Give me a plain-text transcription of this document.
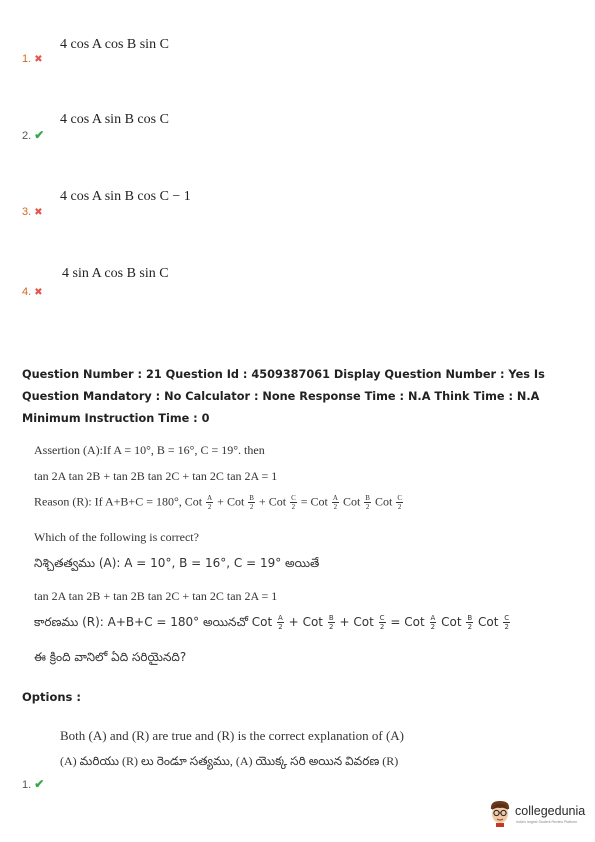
4 cos A cos B sin C
1. ✖
4 cos A sin B cos C
2. ✔
4 cos A sin B cos C − 1
3. ✖
4 sin A cos B sin C
4. ✖
Question Number : 21 Question Id : 4509387061 Display Question Number : Yes Is Question Mandatory : No Calculator : None Response Time : N.A Think Time : N.A Minimum Instruction Time : 0
Assertion (A):If A = 10°, B = 16°, C = 19°. then
tan 2A tan 2B + tan 2B tan 2C + tan 2C tan 2A = 1
Reason (R): If A+B+C = 180°, Cot $\frac{A}{2}$ + Cot $\frac{B}{2}$ + Cot $\frac{C}{2}$ = Cot $\frac{A}{2}$ Cot $\frac{B}{2}$ Cot $\frac{C}{2}$
Which of the following is correct?
నిశ్చితత్వము (A): A = 10°, B = 16°, C = 19° అయితే
tan 2A tan 2B + tan 2B tan 2C + tan 2C tan 2A = 1
కారణము (R): A+B+C = 180° అయినచో Cot $\frac{A}{2}$ + Cot $\frac{B}{2}$ + Cot $\frac{C}{2}$ = Cot $\frac{A}{2}$ Cot $\frac{B}{2}$ Cot $\frac{C}{2}$
ఈ క్రింది వానిలో ఏది సరియైనది?
Options :
Both (A) and (R) are true and (R) is the correct explanation of (A)
(A) మరియు (R) లు రెండూ సత్యము, (A) యొక్క సరి అయిన వివరణ (R)
1. ✔
collegedunia
India's largest Student Review Platform
